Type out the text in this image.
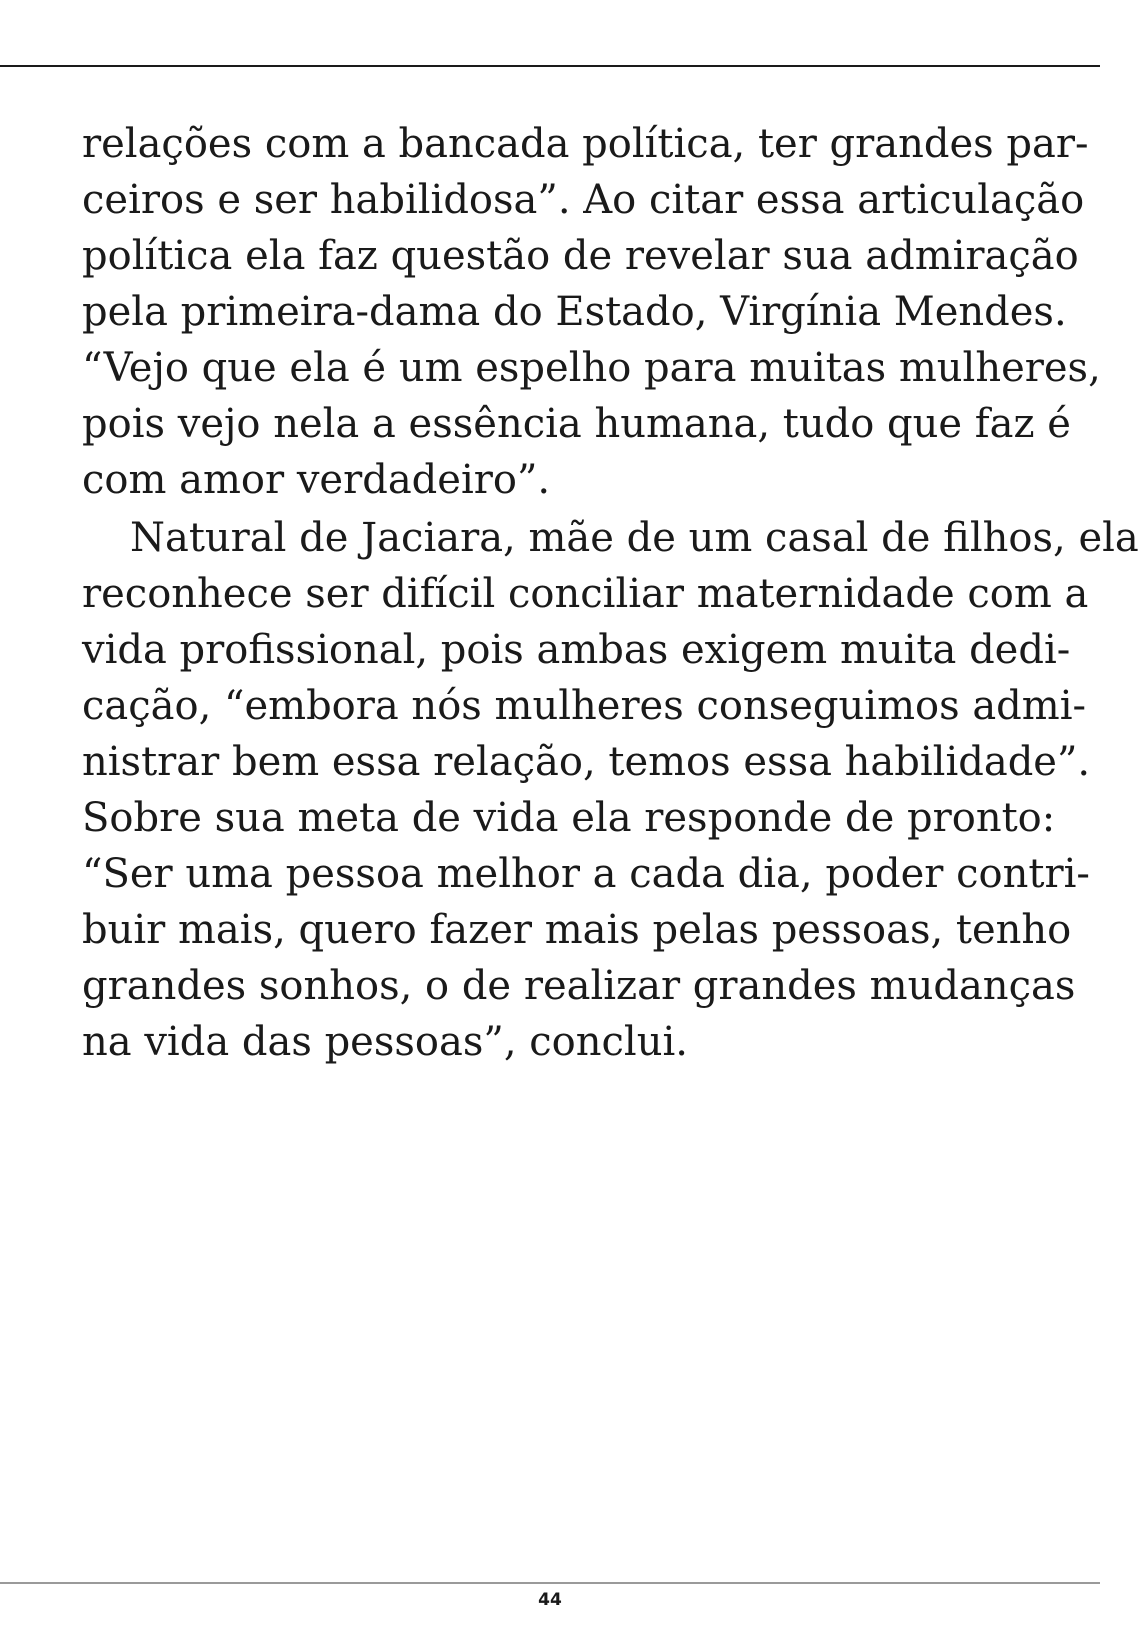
relações com a bancada política, ter grandes par-
ceiros e ser habilidosa”. Ao citar essa articulação
política ela faz questão de revelar sua admiração
pela primeira-dama do Estado, Virgínia Mendes.
“Vejo que ela é um espelho para muitas mulheres,
pois vejo nela a essência humana, tudo que faz é
com amor verdadeiro”.
Natural de Jaciara, mãe de um casal de filhos, ela
reconhece ser difícil conciliar maternidade com a
vida profissional, pois ambas exigem muita dedi-
cação, “embora nós mulheres conseguimos admi-
nistrar bem essa relação, temos essa habilidade”.
Sobre sua meta de vida ela responde de pronto:
“Ser uma pessoa melhor a cada dia, poder contri-
buir mais, quero fazer mais pelas pessoas, tenho
grandes sonhos, o de realizar grandes mudanças
na vida das pessoas”, conclui.
44
